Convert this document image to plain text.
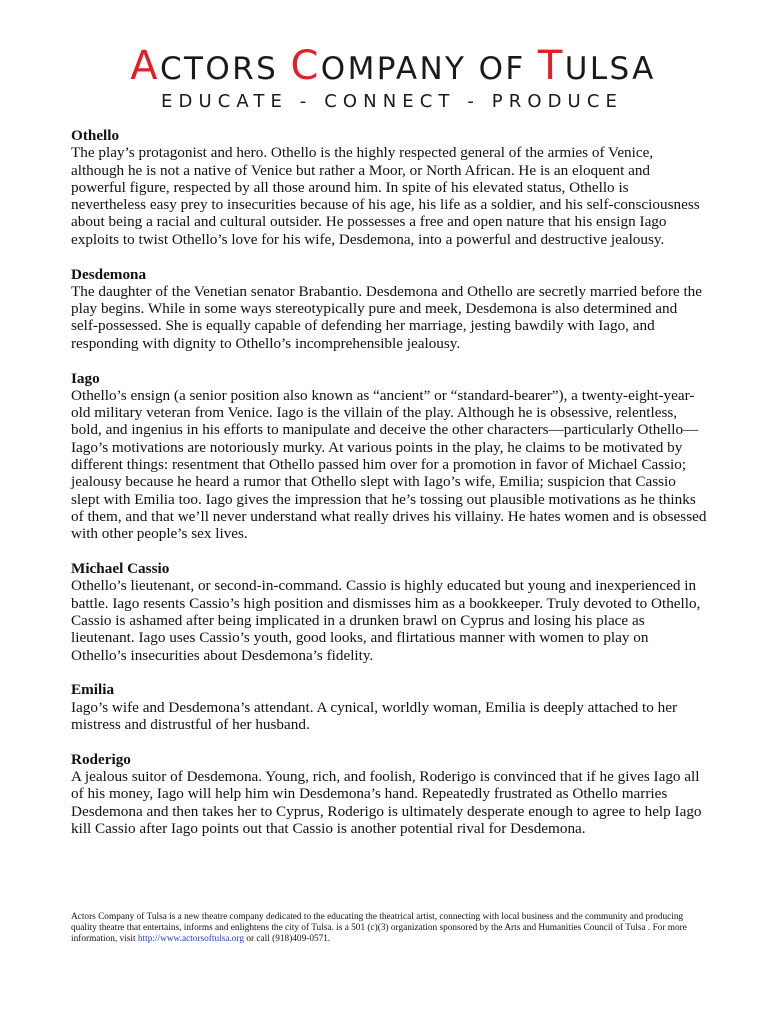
ACTORS COMPANY OF TULSA
EDUCATE - CONNECT - PRODUCE
Othello

The play’s protagonist and hero. Othello is the highly respected general of the armies of Venice, although he is not a native of Venice but rather a Moor, or North African. He is an eloquent and powerful figure, respected by all those around him. In spite of his elevated status, Othello is nevertheless easy prey to insecurities because of his age, his life as a soldier, and his self-consciousness about being a racial and cultural outsider. He possesses a free and open nature that his ensign Iago exploits to twist Othello’s love for his wife, Desdemona, into a powerful and destructive jealousy.

Desdemona

The daughter of the Venetian senator Brabantio. Desdemona and Othello are secretly married before the play begins. While in some ways stereotypically pure and meek, Desdemona is also determined and self-possessed. She is equally capable of defending her marriage, jesting bawdily with Iago, and responding with dignity to Othello’s incomprehensible jealousy.

Iago

Othello’s ensign (a senior position also known as “ancient” or “standard-bearer”), a twenty-eight-year-old military veteran from Venice. Iago is the villain of the play. Although he is obsessive, relentless, bold, and ingenius in his efforts to manipulate and deceive the other characters—particularly Othello—Iago’s motivations are notoriously murky. At various points in the play, he claims to be motivated by different things: resentment that Othello passed him over for a promotion in favor of Michael Cassio; jealousy because he heard a rumor that Othello slept with Iago’s wife, Emilia; suspicion that Cassio slept with Emilia too. Iago gives the impression that he’s tossing out plausible motivations as he thinks of them, and that we’ll never understand what really drives his villainy. He hates women and is obsessed with other people’s sex lives.

Michael Cassio

Othello’s lieutenant, or second-in-command. Cassio is highly educated but young and inexperienced in battle. Iago resents Cassio’s high position and dismisses him as a bookkeeper. Truly devoted to Othello, Cassio is ashamed after being implicated in a drunken brawl on Cyprus and losing his place as lieutenant. Iago uses Cassio’s youth, good looks, and flirtatious manner with women to play on Othello’s insecurities about Desdemona’s fidelity.

Emilia

Iago’s wife and Desdemona’s attendant. A cynical, worldly woman, Emilia is deeply attached to her mistress and distrustful of her husband.

Roderigo

A jealous suitor of Desdemona. Young, rich, and foolish, Roderigo is convinced that if he gives Iago all of his money, Iago will help him win Desdemona’s hand. Repeatedly frustrated as Othello marries Desdemona and then takes her to Cyprus, Roderigo is ultimately desperate enough to agree to help Iago kill Cassio after Iago points out that Cassio is another potential rival for Desdemona.

Actors Company of Tulsa is a new theatre company dedicated to the educating the theatrical artist, connecting with local business and the community and producing quality theatre that entertains, informs and enlightens the city of Tulsa. is a 501 (c)(3) organization sponsored by the Arts and Humanities Council of Tulsa . For more information, visit http://www.actorsoftulsa.org or call (918)409-0571.
